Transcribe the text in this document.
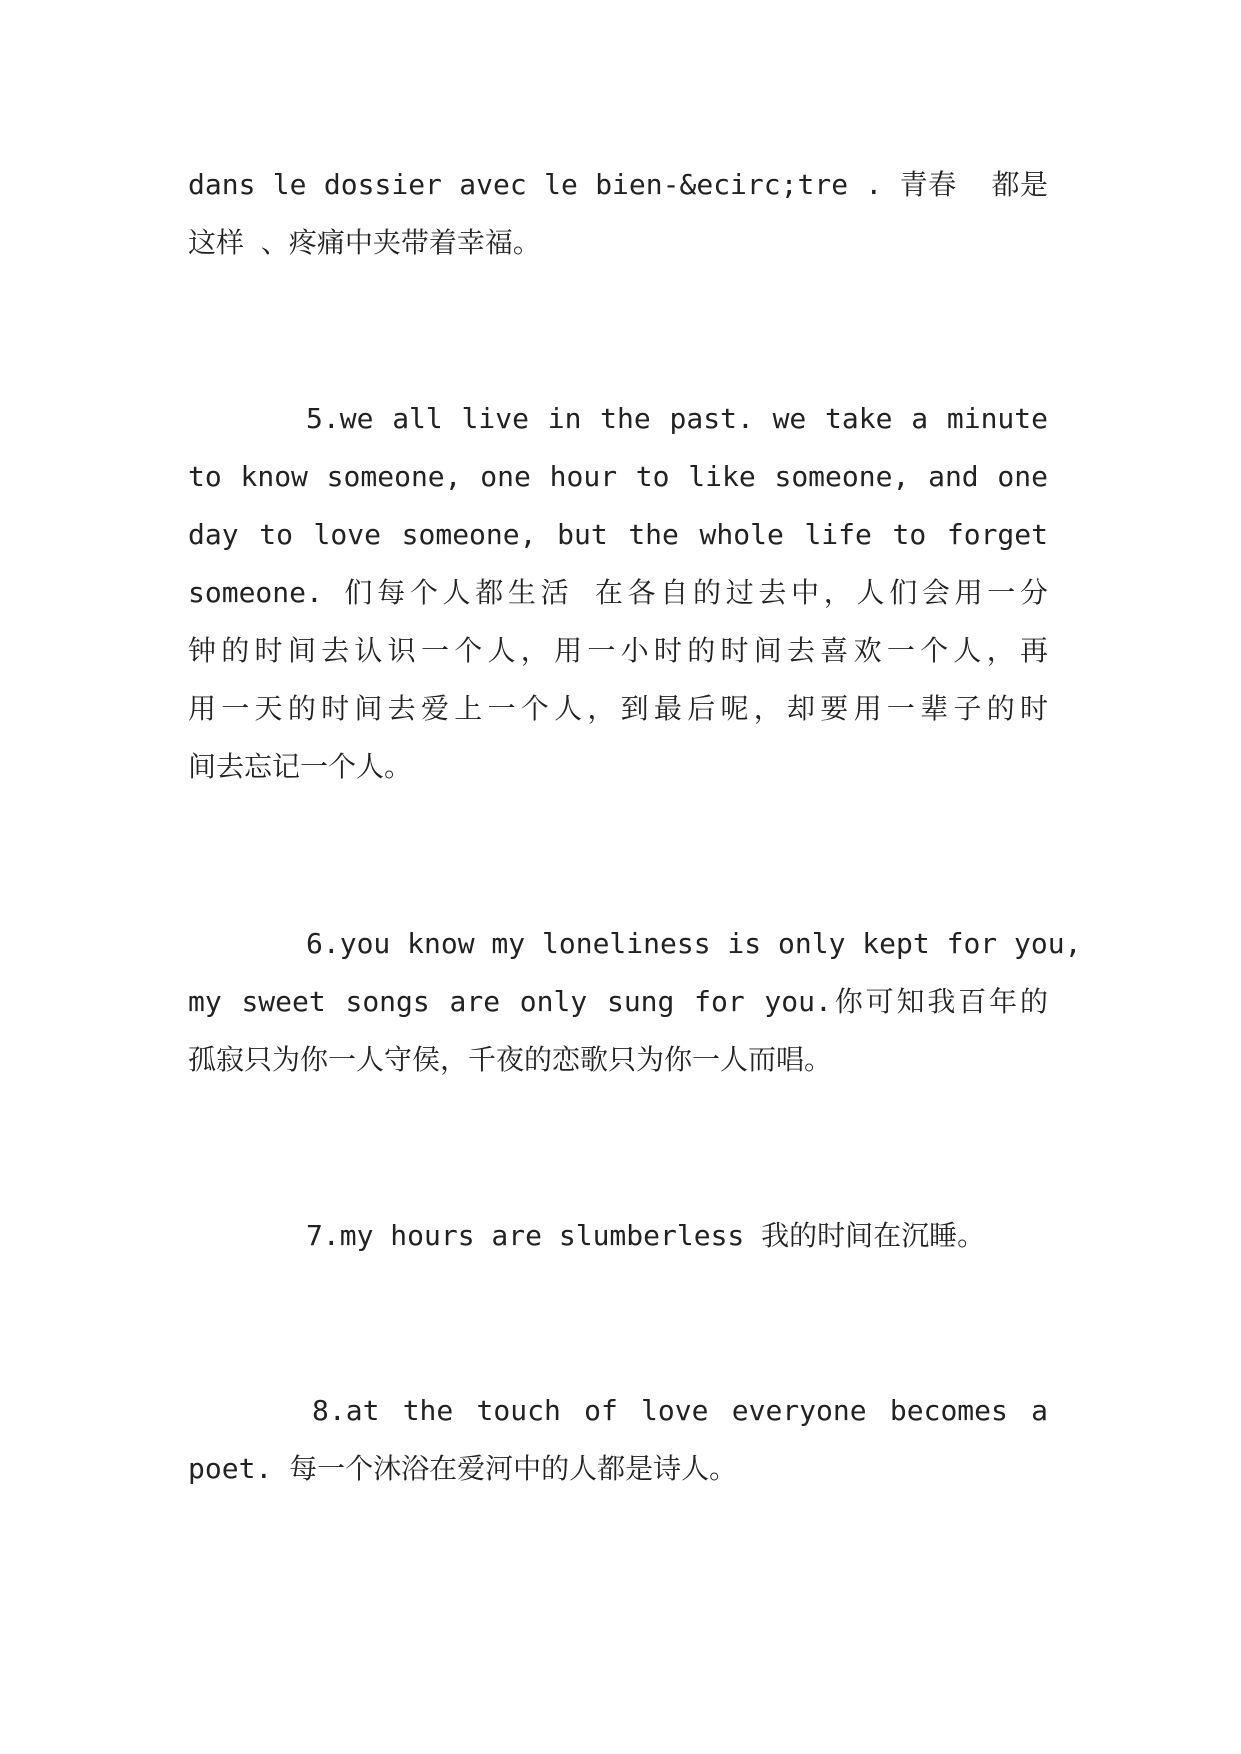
dans le dossier avec le bien-&ecirc;tre . 青春  都是
这样 、疼痛中夹带着幸福。

5.we all live in the past. we take a minute
to know someone, one hour to like someone, and one
day to love someone, but the whole life to forget
someone. 们每个人都生活 在各自的过去中，人们会用一分
钟的时间去认识一个人，用一小时的时间去喜欢一个人，再
用一天的时间去爱上一个人，到最后呢，却要用一辈子的时
间去忘记一个人。

6.you know my loneliness is only kept for you,
my sweet songs are only sung for you.你可知我百年的
孤寂只为你一人守侯，千夜的恋歌只为你一人而唱。

7.my hours are slumberless 我的时间在沉睡。

8.at the touch of love everyone becomes a
poet. 每一个沐浴在爱河中的人都是诗人。
